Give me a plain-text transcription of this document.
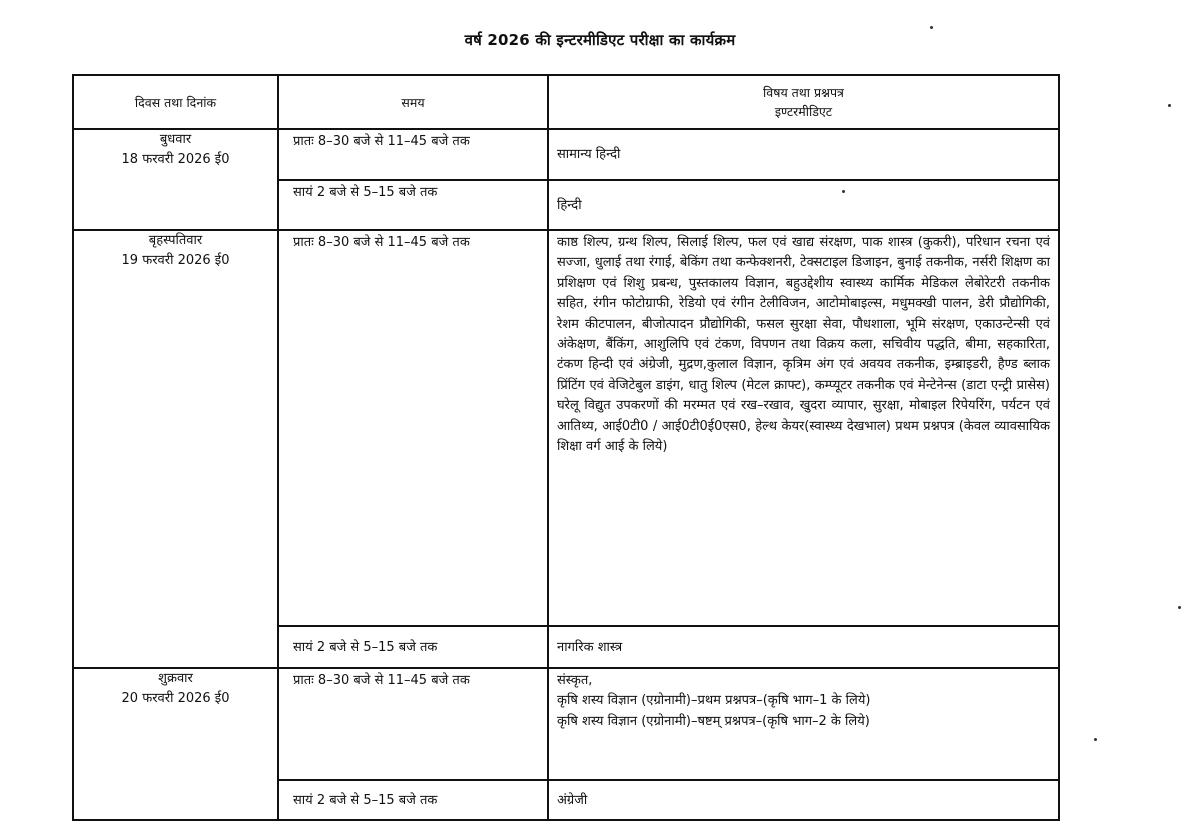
वर्ष 2026 की इन्टरमीडिएट परीक्षा का कार्यक्रम
दिवस तथा दिनांक	समय	विषय तथा प्रश्नपत्र
इण्टरमीडिएट

बुधवार
18 फरवरी 2026 ई0	प्रातः 8–30 बजे से 11–45 बजे तक	सामान्य हिन्दी
	सायं 2 बजे से 5–15 बजे तक	हिन्दी

बृहस्पतिवार
19 फरवरी 2026 ई0	प्रातः 8–30 बजे से 11–45 बजे तक	काष्ठ शिल्प, ग्रन्थ शिल्प, सिलाई शिल्प, फल एवं खाद्य संरक्षण, पाक शास्त्र (कुकरी), परिधान रचना एवं सज्जा, धुलाई तथा रंगाई, बेकिंग तथा कन्फेक्शनरी, टेक्सटाइल डिजाइन, बुनाई तकनीक, नर्सरी शिक्षण का प्रशिक्षण एवं शिशु प्रबन्ध, पुस्तकालय विज्ञान, बहुउद्देशीय स्वास्थ्य कार्मिक मेडिकल लेबोरेटरी तकनीक सहित, रंगीन फोटोग्राफी, रेडियो एवं रंगीन टेलीविजन, आटोमोबाइल्स, मधुमक्खी पालन, डेरी प्रौद्योगिकी, रेशम कीटपालन, बीजोत्पादन प्रौद्योगिकी, फसल सुरक्षा सेवा, पौधशाला, भूमि संरक्षण, एकाउन्टेन्सी एवं अंकेक्षण, बैंकिंग, आशुलिपि एवं टंकण, विपणन तथा विक्रय कला, सचिवीय पद्धति, बीमा, सहकारिता, टंकण हिन्दी एवं अंग्रेजी, मुद्रण,कुलाल विज्ञान, कृत्रिम अंग एवं अवयव तकनीक, इम्ब्राइडरी, हैण्ड ब्लाक प्रिंटिंग एवं वेजिटेबुल डाइंग, धातु शिल्प (मेटल क्राफ्ट), कम्प्यूटर तकनीक एवं मेन्टेनेन्स (डाटा एन्ट्री प्रासेस) घरेलू विद्युत उपकरणों की मरम्मत एवं रख–रखाव, खुदरा व्यापार, सुरक्षा, मोबाइल रिपेयरिंग, पर्यटन एवं आतिथ्य, आई0टी0 / आई0टी0ई0एस0, हेल्थ केयर(स्वास्थ्य देखभाल) प्रथम प्रश्नपत्र (केवल व्यावसायिक शिक्षा वर्ग आई के लिये)
	सायं 2 बजे से 5–15 बजे तक	नागरिक शास्त्र

शुक्रवार
20 फरवरी 2026 ई0	प्रातः 8–30 बजे से 11–45 बजे तक	संस्कृत,
कृषि शस्य विज्ञान (एग्रोनामी)–प्रथम प्रश्नपत्र–(कृषि भाग–1 के लिये)
कृषि शस्य विज्ञान (एग्रोनामी)–षष्टम् प्रश्नपत्र–(कृषि भाग–2 के लिये)

	सायं 2 बजे से 5–15 बजे तक	अंग्रेजी
